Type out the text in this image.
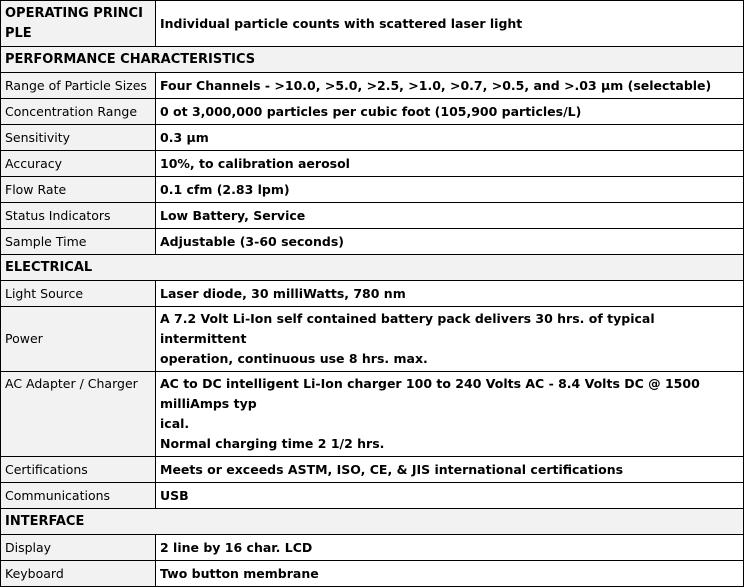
OPERATING PRINCI
PLE	Individual particle counts with scattered laser light
PERFORMANCE CHARACTERISTICS	
Range of Particle Sizes	Four Channels - >10.0, >5.0, >2.5, >1.0, >0.7, >0.5, and >.03 µm (selectable)
Concentration Range	0 ot 3,000,000 particles per cubic foot (105,900 particles/L)
Sensitivity	0.3 µm
Accuracy	10%, to calibration aerosol
Flow Rate	0.1 cfm (2.83 lpm)
Status Indicators	Low Battery, Service
Sample Time	Adjustable (3-60 seconds)
ELECTRICAL	
Light Source	Laser diode, 30 milliWatts, 780 nm
Power	A 7.2 Volt Li-Ion self contained battery pack delivers 30 hrs. of typical intermittent
operation, continuous use 8 hrs. max.

AC Adapter / Charger	AC to DC intelligent Li-Ion charger 100 to 240 Volts AC - 8.4 Volts DC @ 1500 milliAmps typ
ical.
Normal charging time 2 1/2 hrs.

Certifications	Meets or exceeds ASTM, ISO, CE, & JIS international certifications
Communications	USB
INTERFACE	
Display	2 line by 16 char. LCD
Keyboard	Two button membrane
